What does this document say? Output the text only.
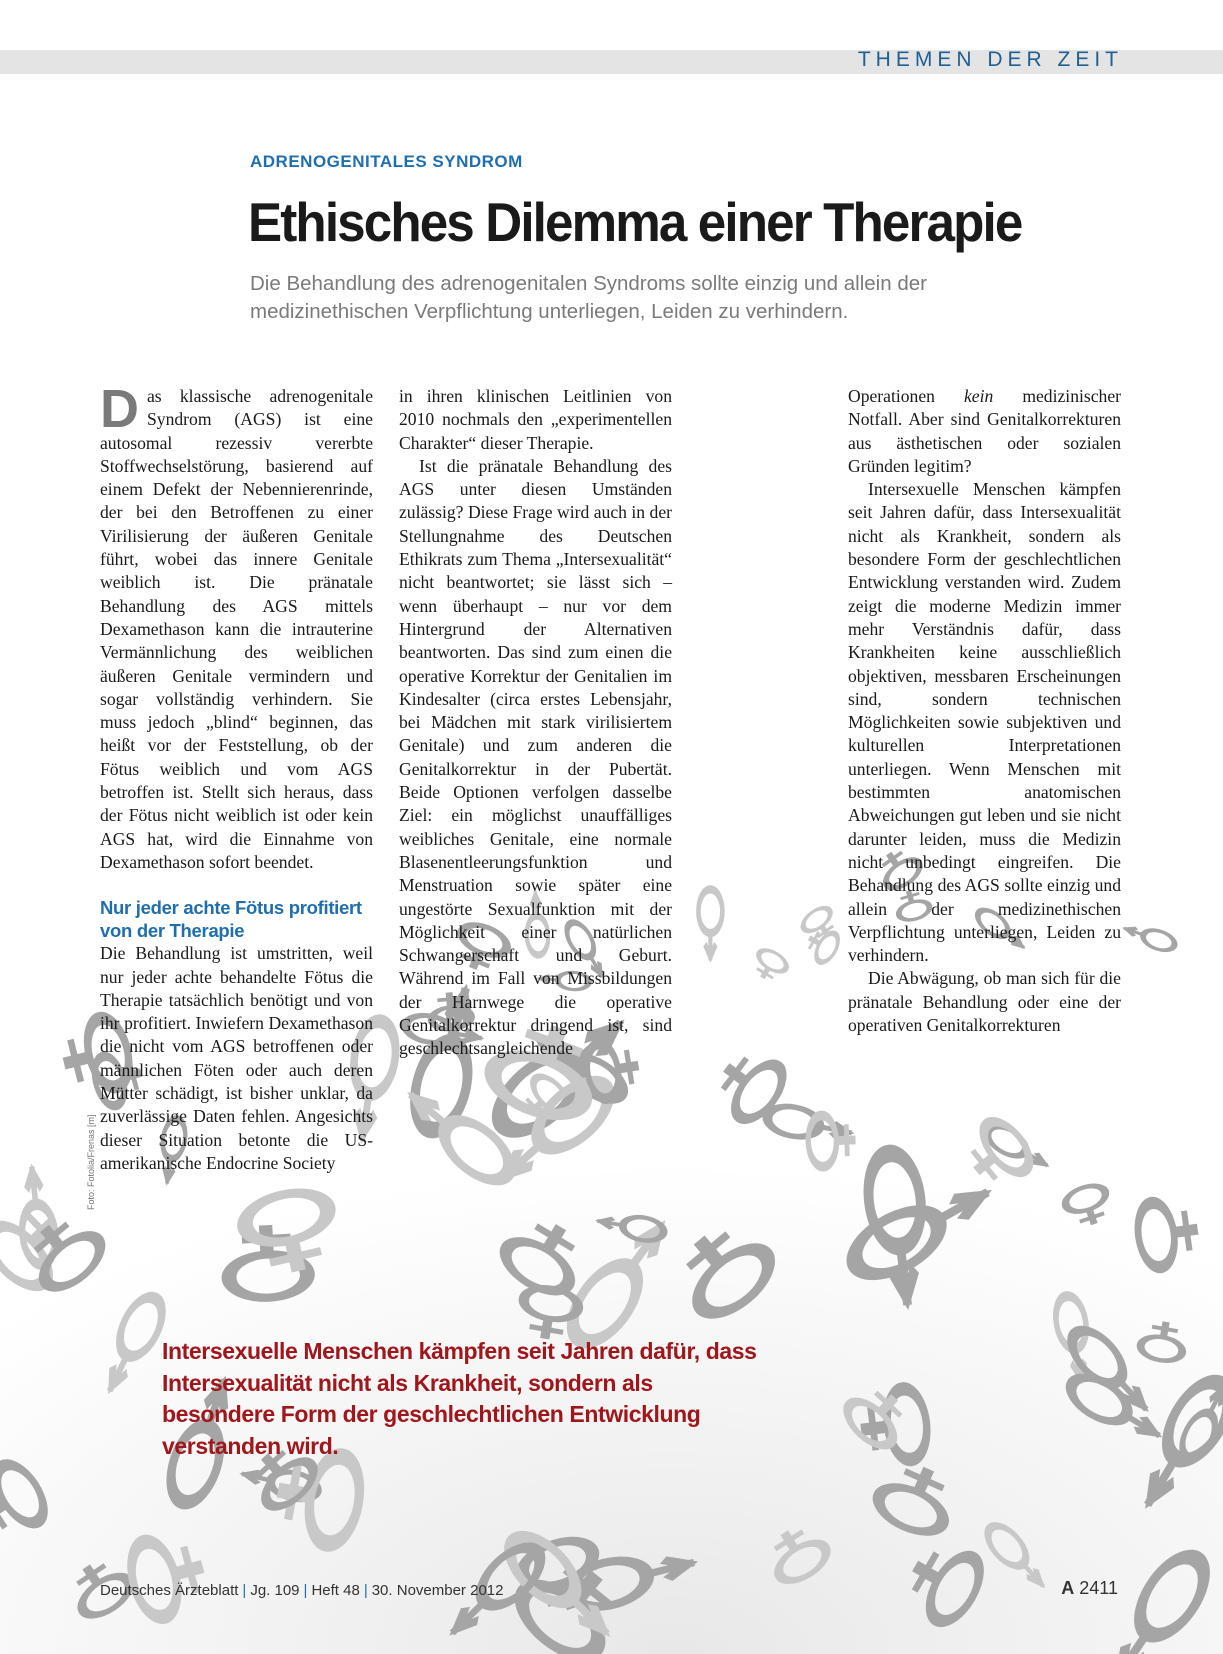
THEMEN DER ZEIT
ADRENOGENITALES SYNDROM
Ethisches Dilemma einer Therapie
Die Behandlung des adrenogenitalen Syndroms sollte einzig und allein der medizinethischen Verpflichtung unterliegen, Leiden zu verhindern.

Das klassische adrenogenitale Syndrom (AGS) ist eine autosomal rezessiv vererbte Stoffwechselstörung, basierend auf einem Defekt der Nebennierenrinde, der bei den Betroffenen zu einer Virilisierung der äußeren Genitale führt, wobei das innere Genitale weiblich ist. Die pränatale Behandlung des AGS mittels Dexamethason kann die intrauterine Vermännlichung des weiblichen äußeren Genitale vermindern und sogar vollständig verhindern. Sie muss jedoch „blind“ beginnen, das heißt vor der Feststellung, ob der Fötus weiblich und vom AGS betroffen ist. Stellt sich heraus, dass der Fötus nicht weiblich ist oder kein AGS hat, wird die Einnahme von Dexamethason sofort beendet.

Nur jeder achte Fötus profitiert von der Therapie

Die Behandlung ist umstritten, weil nur jeder achte behandelte Fötus die Therapie tatsächlich benötigt und von ihr profitiert. Inwiefern Dexamethason die nicht vom AGS betroffenen oder männlichen Föten oder auch deren Mütter schädigt, ist bisher unklar, da zuverlässige Daten fehlen. Angesichts dieser Situation betonte die US-amerikanische Endocrine Society

in ihren klinischen Leitlinien von 2010 nochmals den „experimentellen Charakter“ dieser Therapie.

Ist die pränatale Behandlung des AGS unter diesen Umständen zulässig? Diese Frage wird auch in der Stellungnahme des Deutschen Ethikrats zum Thema „Intersexualität“ nicht beantwortet; sie lässt sich – wenn überhaupt – nur vor dem Hintergrund der Alternativen beantworten. Das sind zum einen die operative Korrektur der Genitalien im Kindesalter (circa erstes Lebensjahr, bei Mädchen mit stark virilisiertem Genitale) und zum anderen die Genitalkorrektur in der Pubertät. Beide Optionen verfolgen dasselbe Ziel: ein möglichst unauffälliges weibliches Genitale, eine normale Blasenentleerungsfunktion und Menstruation sowie später eine ungestörte Sexualfunktion mit der Möglichkeit einer natürlichen Schwangerschaft und Geburt. Während im Fall von Missbildungen der Harnwege die operative Genitalkorrektur dringend ist, sind geschlechtsangleichende

Operationen kein medizinischer Notfall. Aber sind Genitalkorrekturen aus ästhetischen oder sozialen Gründen legitim?

Intersexuelle Menschen kämpfen seit Jahren dafür, dass Intersexualität nicht als Krankheit, sondern als besondere Form der geschlechtlichen Entwicklung verstanden wird. Zudem zeigt die moderne Medizin immer mehr Verständnis dafür, dass Krankheiten keine ausschließlich objektiven, messbaren Erscheinungen sind, sondern technischen Möglichkeiten sowie subjektiven und kulturellen Interpretationen unterliegen. Wenn Menschen mit bestimmten anatomischen Abweichungen gut leben und sie nicht darunter leiden, muss die Medizin nicht unbedingt eingreifen. Die Behandlung des AGS sollte einzig und allein der medizinethischen Verpflichtung unterliegen, Leiden zu verhindern.

Die Abwägung, ob man sich für die pränatale Behandlung oder eine der operativen Genitalkorrekturen

Foto: Fotolia/Frenas [m]
Intersexuelle Menschen kämpfen seit Jahren dafür, dass Intersexualität nicht als Krankheit, sondern als besondere Form der geschlechtlichen Entwicklung verstanden wird.
Deutsches Ärzteblatt | Jg. 109 | Heft 48 | 30. November 2012	A 2411
